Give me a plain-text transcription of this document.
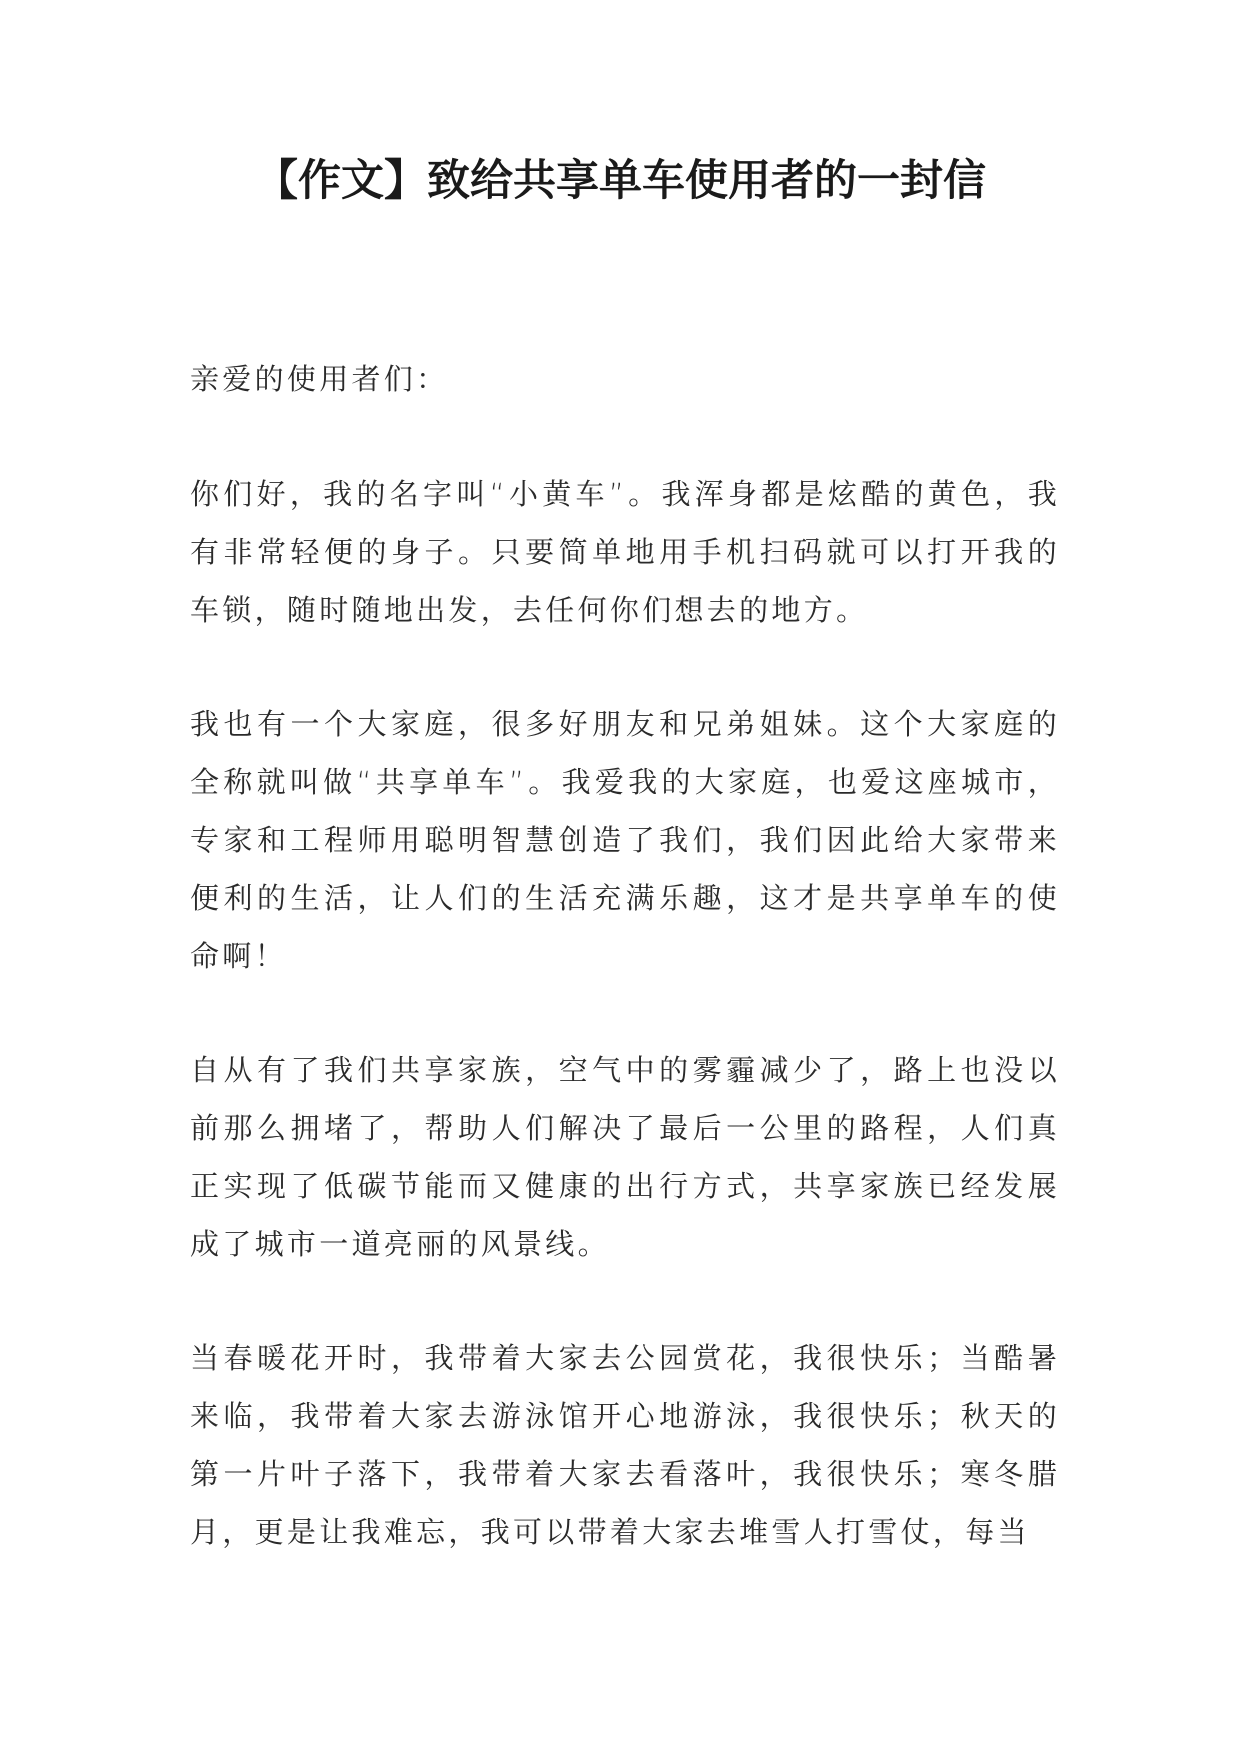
【作文】致给共享单车使用者的一封信

亲爱的使用者们：

你们好，我的名字叫“小黄车”。我浑身都是炫酷的黄色，我有非常轻便的身子。只要简单地用手机扫码就可以打开我的车锁，随时随地出发，去任何你们想去的地方。

我也有一个大家庭，很多好朋友和兄弟姐妹。这个大家庭的全称就叫做“共享单车”。我爱我的大家庭，也爱这座城市，专家和工程师用聪明智慧创造了我们，我们因此给大家带来便利的生活，让人们的生活充满乐趣，这才是共享单车的使命啊！

自从有了我们共享家族，空气中的雾霾减少了，路上也没以前那么拥堵了，帮助人们解决了最后一公里的路程，人们真正实现了低碳节能而又健康的出行方式，共享家族已经发展成了城市一道亮丽的风景线。

当春暖花开时，我带着大家去公园赏花，我很快乐；当酷暑来临，我带着大家去游泳馆开心地游泳，我很快乐；秋天的第一片叶子落下，我带着大家去看落叶，我很快乐；寒冬腊月，更是让我难忘，我可以带着大家去堆雪人打雪仗，每当
